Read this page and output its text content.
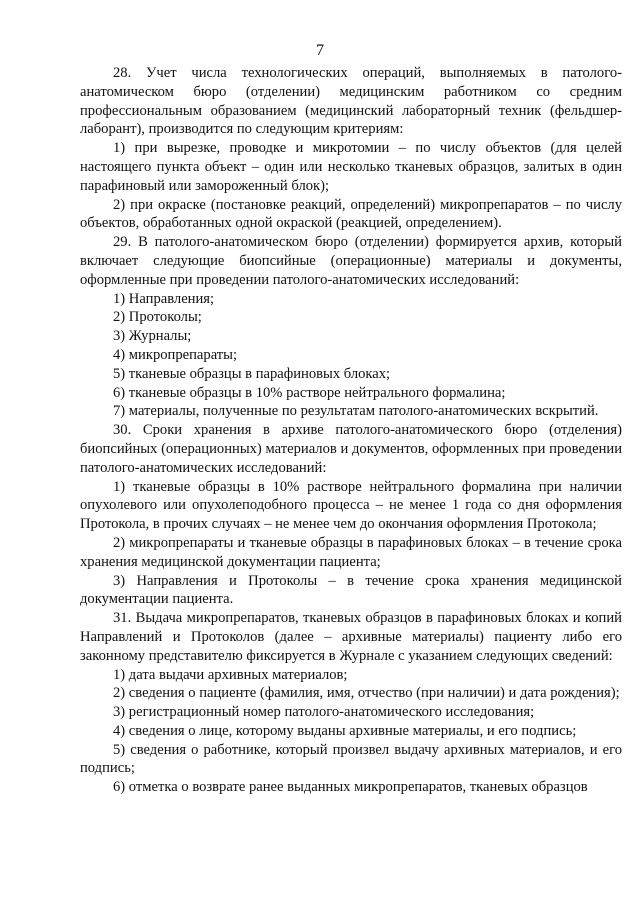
7

28. Учет числа технологических операций, выполняемых в патолого-анатомическом бюро (отделении) медицинским работником со средним профессиональным образованием (медицинский лабораторный техник (фельдшер-лаборант), производится по следующим критериям:

1) при вырезке, проводке и микротомии – по числу объектов (для целей настоящего пункта объект – один или несколько тканевых образцов, залитых в один парафиновый или замороженный блок);

2) при окраске (постановке реакций, определений) микропрепаратов – по числу объектов, обработанных одной окраской (реакцией, определением).

29. В патолого-анатомическом бюро (отделении) формируется архив, который включает следующие биопсийные (операционные) материалы и документы, оформленные при проведении патолого-анатомических исследований:

1) Направления;

2) Протоколы;

3) Журналы;

4) микропрепараты;

5) тканевые образцы в парафиновых блоках;

6) тканевые образцы в 10% растворе нейтрального формалина;

7) материалы, полученные по результатам патолого-анатомических вскрытий.

30. Сроки хранения в архиве патолого-анатомического бюро (отделения) биопсийных (операционных) материалов и документов, оформленных при проведении патолого-анатомических исследований:

1) тканевые образцы в 10% растворе нейтрального формалина при наличии опухолевого или опухолеподобного процесса – не менее 1 года со дня оформления Протокола, в прочих случаях – не менее чем до окончания оформления Протокола;

2) микропрепараты и тканевые образцы в парафиновых блоках – в течение срока хранения медицинской документации пациента;

3) Направления и Протоколы – в течение срока хранения медицинской документации пациента.

31. Выдача микропрепаратов, тканевых образцов в парафиновых блоках и копий Направлений и Протоколов (далее – архивные материалы) пациенту либо его законному представителю фиксируется в Журнале с указанием следующих сведений:

1) дата выдачи архивных материалов;

2) сведения о пациенте (фамилия, имя, отчество (при наличии) и дата рождения);

3) регистрационный номер патолого-анатомического исследования;

4) сведения о лице, которому выданы архивные материалы, и его подпись;

5) сведения о работнике, который произвел выдачу архивных материалов, и его подпись;

6) отметка о возврате ранее выданных микропрепаратов, тканевых образцов
